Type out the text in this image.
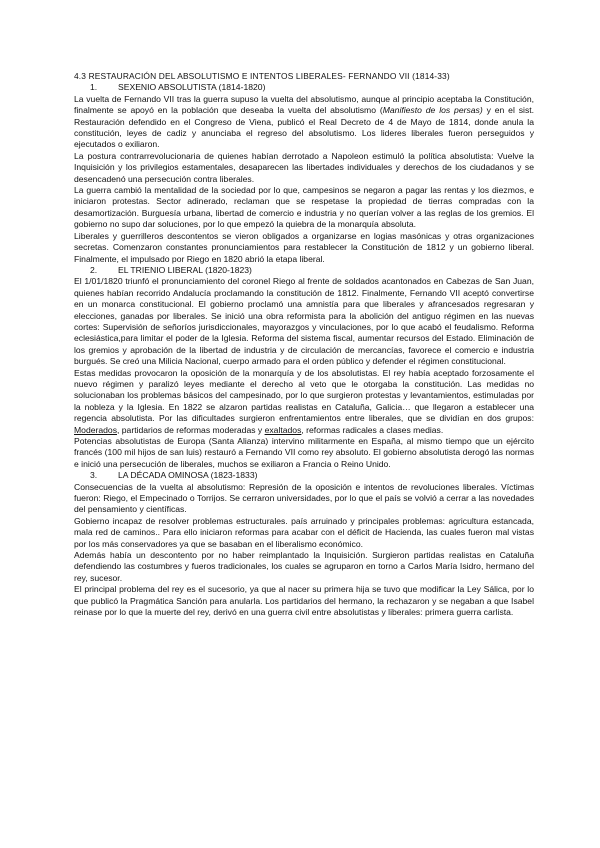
4.3 RESTAURACIÓN DEL ABSOLUTISMO E INTENTOS LIBERALES- FERNANDO VII (1814-33)
1.	SEXENIO ABSOLUTISTA (1814-1820)

La vuelta de Fernando VII tras la guerra supuso la vuelta del absolutismo, aunque al principio aceptaba la Constitución, finalmente se apoyó en la población que deseaba la vuelta del absolutismo (Manifiesto de los persas) y en el sist. Restauración defendido en el Congreso de Viena, publicó el Real Decreto de 4 de Mayo de 1814, donde anula la constitución, leyes de cadiz y anunciaba el regreso del absolutismo. Los lideres liberales fueron perseguidos y ejecutados o exiliaron.

La postura contrarrevolucionaria de quienes habían derrotado a Napoleon estimuló la política absolutista: Vuelve la Inquisición y los privilegios estamentales, desaparecen las libertades individuales y derechos de los ciudadanos y se desencadenó una persecución contra liberales.

La guerra cambió la mentalidad de la sociedad por lo que, campesinos se negaron a pagar las rentas y los diezmos, e iniciaron protestas. Sector adinerado, reclaman que se respetase la propiedad de tierras compradas con la desamortización. Burguesía urbana, libertad de comercio e industria y no querían volver a las reglas de los gremios. El gobierno no supo dar soluciones, por lo que empezó la quiebra de la monarquía absoluta.

Liberales y guerrilleros descontentos se vieron obligados a organizarse en logias masónicas y otras organizaciones secretas. Comenzaron constantes pronunciamientos para restablecer la Constitución de 1812 y un gobierno liberal. Finalmente, el impulsado por Riego en 1820 abrió la etapa liberal.

2.	EL TRIENIO LIBERAL (1820-1823)

El 1/01/1820 triunfó el pronunciamiento del coronel Riego al frente de soldados acantonados en Cabezas de San Juan, quienes habían recorrido Andalucía proclamando la constitución de 1812. Finalmente, Fernando VII aceptó convertirse en un monarca constitucional. El gobierno proclamó una amnistía para que liberales y afrancesados regresaran y elecciones, ganadas por liberales. Se inició una obra reformista para la abolición del antiguo régimen en las nuevas cortes: Supervisión de señoríos jurisdiccionales, mayorazgos y vinculaciones, por lo que acabó el feudalismo. Reforma eclesiástica,para limitar el poder de la Iglesia. Reforma del sistema fiscal, aumentar recursos del Estado. Eliminación de los gremios y aprobación de la libertad de industria y de circulación de mercancías, favorece el comercio e industria burgués. Se creó una Milicia Nacional, cuerpo armado para el orden público y defender el régimen constitucional.

Estas medidas provocaron la oposición de la monarquía y de los absolutistas. El rey había aceptado forzosamente el nuevo régimen y paralizó leyes mediante el derecho al veto que le otorgaba la constitución. Las medidas no solucionaban los problemas básicos del campesinado, por lo que surgieron protestas y levantamientos, estimuladas por la nobleza y la Iglesia. En 1822 se alzaron partidas realistas en Cataluña, Galicia… que llegaron a establecer una regencia absolutista. Por las dificultades surgieron enfrentamientos entre liberales, que se dividían en dos grupos: Moderados, partidarios de reformas moderadas y exaltados, reformas radicales a clases medias.

Potencias absolutistas de Europa (Santa Alianza) intervino militarmente en España, al mismo tiempo que un ejército francés (100 mil hijos de san luis) restauró a Fernando VII como rey absoluto. El gobierno absolutista derogó las normas e inició una persecución de liberales, muchos se exiliaron a Francia o Reino Unido.

3.	LA DÉCADA OMINOSA (1823-1833)

Consecuencias de la vuelta al absolutismo: Represión de la oposición e intentos de revoluciones liberales. Víctimas fueron: Riego, el Empecinado o Torrijos. Se cerraron universidades, por lo que el país se volvió a cerrar a las novedades del pensamiento y científicas.

Gobierno incapaz de resolver problemas estructurales. país arruinado y principales problemas: agricultura estancada, mala red de caminos.. Para ello iniciaron reformas para acabar con el déficit de Hacienda, las cuales fueron mal vistas por los más conservadores ya que se basaban en el liberalismo económico.

Además había un descontento por no haber reimplantado la Inquisición. Surgieron partidas realistas en Cataluña defendiendo las costumbres y fueros tradicionales, los cuales se agruparon en torno a Carlos María Isidro, hermano del rey, sucesor.

El principal problema del rey es el sucesorio, ya que al nacer su primera hija se tuvo que modificar la Ley Sálica, por lo que publicó la Pragmática Sanción para anularla. Los partidarios del hermano, la rechazaron y se negaban a que Isabel reinase por lo que la muerte del rey, derivó en una guerra civil entre absolutistas y liberales: primera guerra carlista.
